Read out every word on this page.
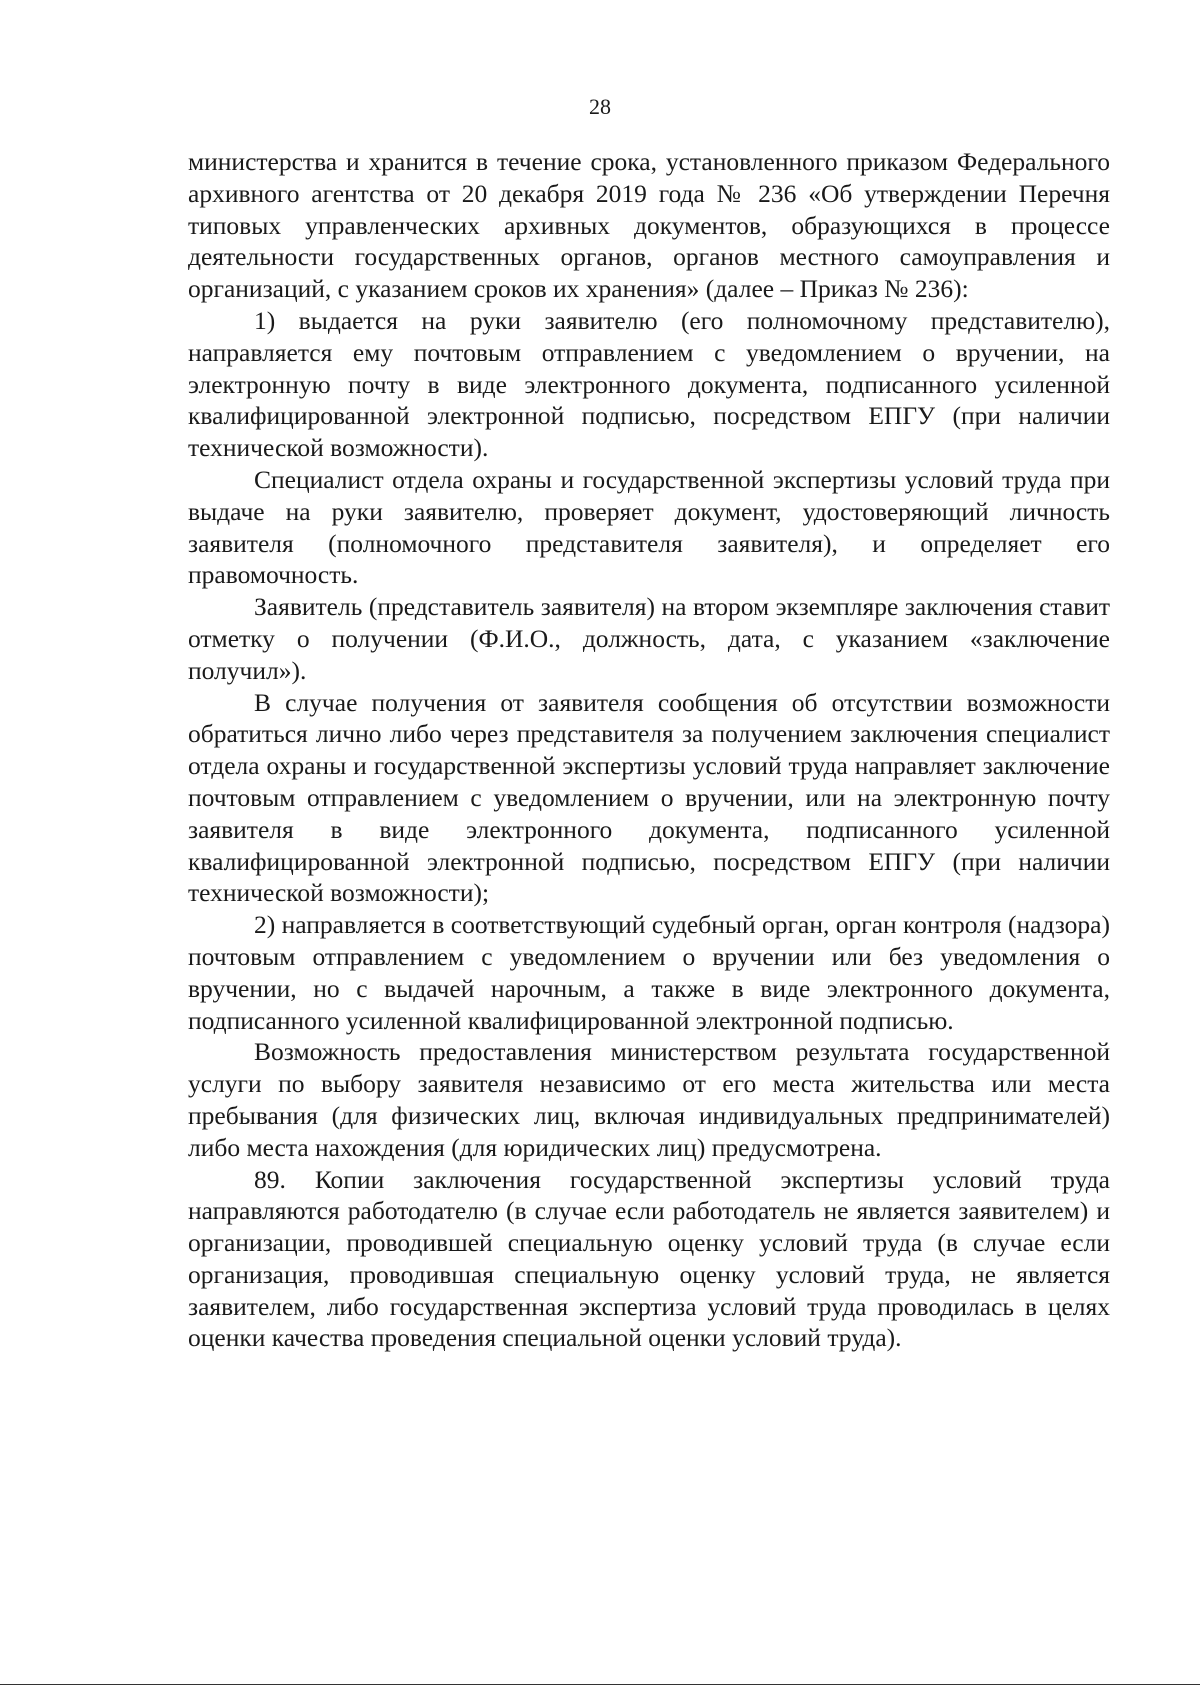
28

министерства и хранится в течение срока, установленного приказом Федерального архивного агентства от 20 декабря 2019 года № 236 «Об утверждении Перечня типовых управленческих архивных документов, образующихся в процессе деятельности государственных органов, органов местного самоуправления и организаций, с указанием сроков их хранения» (далее – Приказ № 236):

1) выдается на руки заявителю (его полномочному представителю), направляется ему почтовым отправлением с уведомлением о вручении, на электронную почту в виде электронного документа, подписанного усиленной квалифицированной электронной подписью, посредством ЕПГУ (при наличии технической возможности).

Специалист отдела охраны и государственной экспертизы условий труда при выдаче на руки заявителю, проверяет документ, удостоверяющий личность заявителя (полномочного представителя заявителя), и определяет его правомочность.

Заявитель (представитель заявителя) на втором экземпляре заключения ставит отметку о получении (Ф.И.О., должность, дата, с указанием «заключение получил»).

В случае получения от заявителя сообщения об отсутствии возможности обратиться лично либо через представителя за получением заключения специалист отдела охраны и государственной экспертизы условий труда направляет заключение почтовым отправлением с уведомлением о вручении, или на электронную почту заявителя в виде электронного документа, подписанного усиленной квалифицированной электронной подписью, посредством ЕПГУ (при наличии технической возможности);

2) направляется в соответствующий судебный орган, орган контроля (надзора) почтовым отправлением с уведомлением о вручении или без уведомления о вручении, но с выдачей нарочным, а также в виде электронного документа, подписанного усиленной квалифицированной электронной подписью.

Возможность предоставления министерством результата государственной услуги по выбору заявителя независимо от его места жительства или места пребывания (для физических лиц, включая индивидуальных предпринимателей) либо места нахождения (для юридических лиц) предусмотрена.

89. Копии заключения государственной экспертизы условий труда направляются работодателю (в случае если работодатель не является заявителем) и организации, проводившей специальную оценку условий труда (в случае если организация, проводившая специальную оценку условий труда, не является заявителем, либо государственная экспертиза условий труда проводилась в целях оценки качества проведения специальной оценки условий труда).
